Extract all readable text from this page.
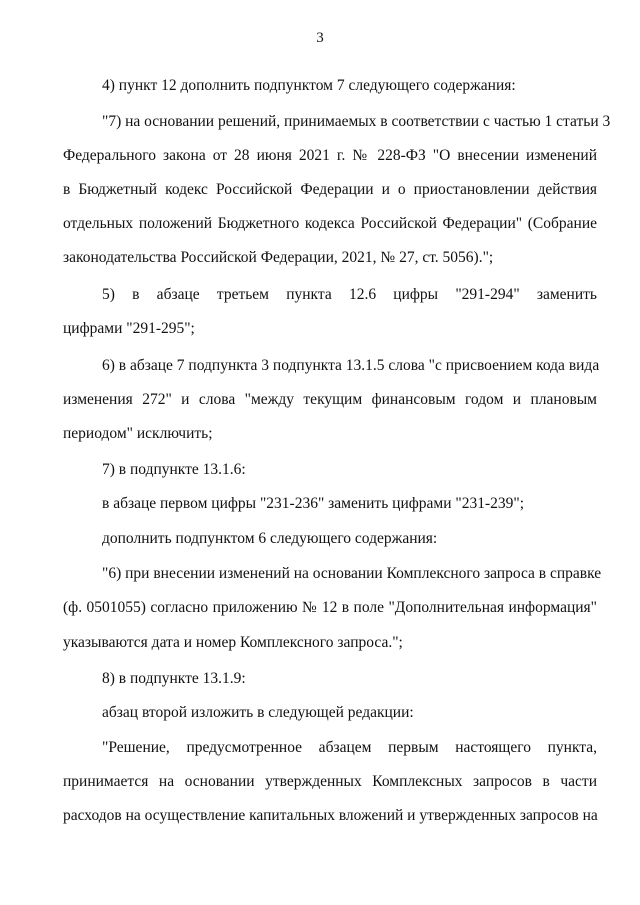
3
4) пункт 12 дополнить подпунктом 7 следующего содержания:
"7) на основании решений, принимаемых в соответствии с частью 1 статьи 3
Федерального закона от 28 июня 2021 г. № 228-ФЗ "О внесении изменений
в Бюджетный кодекс Российской Федерации и о приостановлении действия
отдельных положений Бюджетного кодекса Российской Федерации" (Собрание
законодательства Российской Федерации, 2021, № 27, ст. 5056).";
5) в абзаце третьем пункта 12.6 цифры "291-294" заменить
цифрами "291-295";
6) в абзаце 7 подпункта 3 подпункта 13.1.5 слова "с присвоением кода вида
изменения 272" и слова "между текущим финансовым годом и плановым
периодом" исключить;
7) в подпункте 13.1.6:
в абзаце первом цифры "231-236" заменить цифрами "231-239";
дополнить подпунктом 6 следующего содержания:
"6) при внесении изменений на основании Комплексного запроса в справке
(ф. 0501055) согласно приложению № 12 в поле "Дополнительная информация"
указываются дата и номер Комплексного запроса.";
8) в подпункте 13.1.9:
абзац второй изложить в следующей редакции:
"Решение, предусмотренное абзацем первым настоящего пункта,
принимается на основании утвержденных Комплексных запросов в части
расходов на осуществление капитальных вложений и утвержденных запросов на
